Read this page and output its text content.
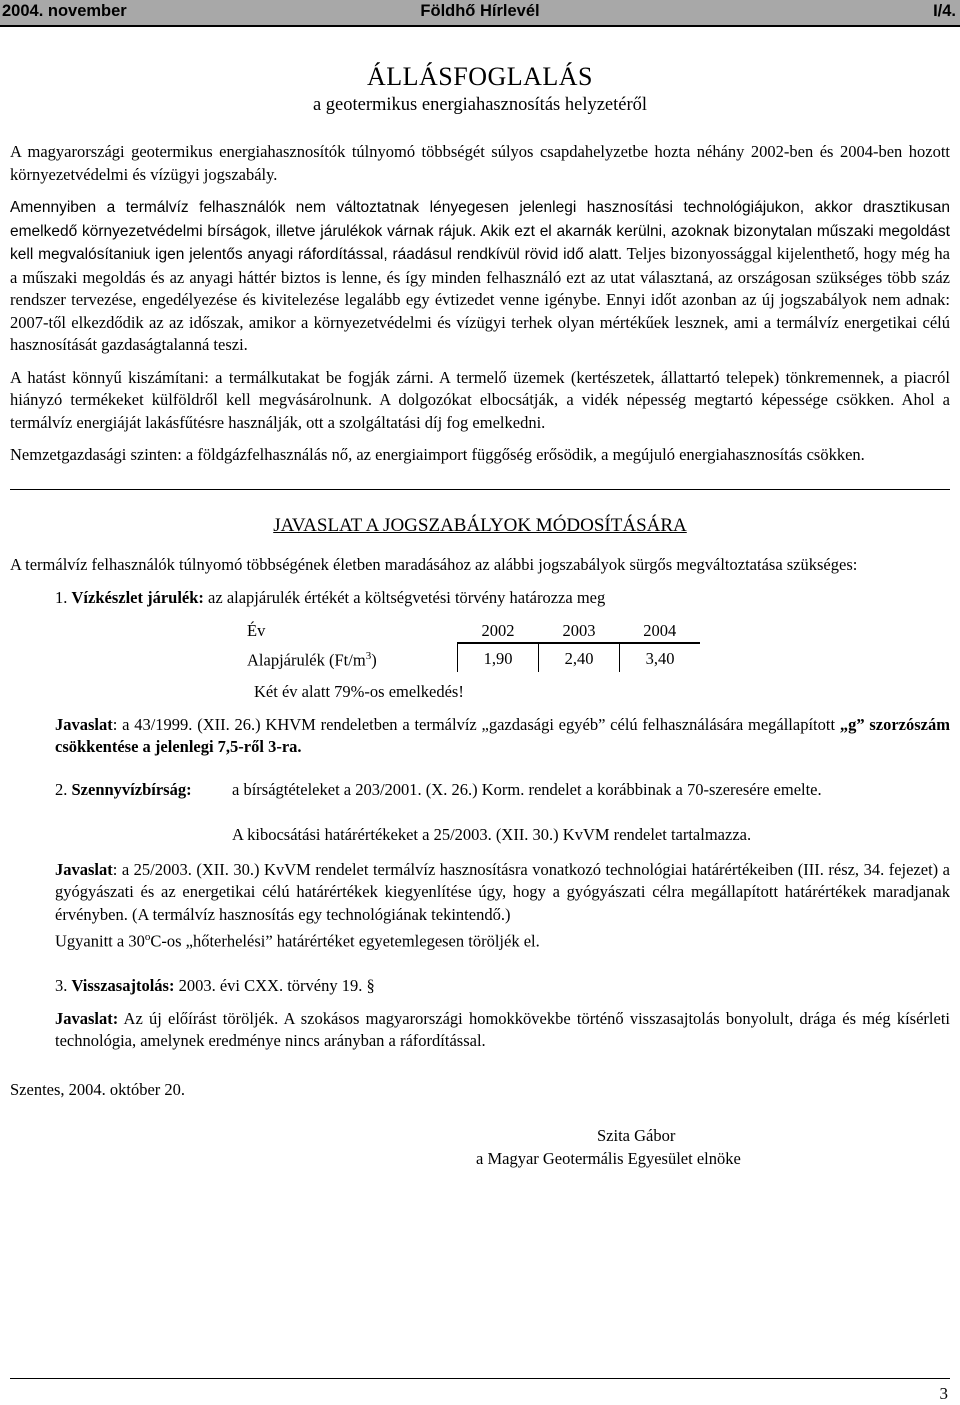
2004. november	Földhő Hírlevél	I/4.

ÁLLÁSFOGLALÁS

a geotermikus energiahasznosítás helyzetéről

A magyarországi geotermikus energiahasznosítók túlnyomó többségét súlyos csapdahelyzetbe hozta néhány 2002-ben és 2004-ben hozott környezetvédelmi és vízügyi jogszabály.

Amennyiben a termálvíz felhasználók nem változtatnak lényegesen jelenlegi hasznosítási technológiájukon, akkor drasztikusan emelkedő környezetvédelmi bírságok, illetve járulékok várnak rájuk. Akik ezt el akarnák kerülni, azoknak bizonytalan műszaki megoldást kell megvalósítaniuk igen jelentős anyagi ráfordítással, ráadásul rendkívül rövid idő alatt. Teljes bizonyossággal kijelenthető, hogy még ha a műszaki megoldás és az anyagi háttér biztos is lenne, és így minden felhasználó ezt az utat választaná, az országosan szükséges több száz rendszer tervezése, engedélyezése és kivitelezése legalább egy évtizedet venne igénybe. Ennyi időt azonban az új jogszabályok nem adnak: 2007-től elkezdődik az az időszak, amikor a környezetvédelmi és vízügyi terhek olyan mértékűek lesznek, ami a termálvíz energetikai célú hasznosítását gazdaságtalanná teszi.

A hatást könnyű kiszámítani: a termálkutakat be fogják zárni. A termelő üzemek (kertészetek, állattartó telepek) tönkremennek, a piacról hiányzó termékeket külföldről kell megvásárolnunk. A dolgozókat elbocsátják, a vidék népesség megtartó képessége csökken. Ahol a termálvíz energiáját lakásfűtésre használják, ott a szolgáltatási díj fog emelkedni.

Nemzetgazdasági szinten: a földgázfelhasználás nő, az energiaimport függőség erősödik, a megújuló energiahasznosítás csökken.

JAVASLAT A JOGSZABÁLYOK MÓDOSÍTÁSÁRA

A termálvíz felhasználók túlnyomó többségének életben maradásához az alábbi jogszabályok sürgős megváltoztatása szükséges:

1. Vízkészlet járulék: az alapjárulék értékét a költségvetési törvény határozza meg

Év	2002	2003	2004
Alapjárulék $(Ft/m^3)$	1,90	2,40	3,40

Két év alatt 79%-os emelkedés!

Javaslat: a 43/1999. (XII. 26.) KHVM rendeletben a termálvíz „gazdasági egyéb” célú felhasználására megállapított „g” szorzószám csökkentése a jelenlegi 7,5-ről 3-ra.

2. Szennyvízbírság:	a bírságtételeket a 203/2001. (X. 26.) Korm. rendelet a korábbinak a 70-szeresére emelte.

A kibocsátási határértékeket a 25/2003. (XII. 30.) KvVM rendelet tartalmazza.

Javaslat: a 25/2003. (XII. 30.) KvVM rendelet termálvíz hasznosításra vonatkozó technológiai határértékeiben (III. rész, 34. fejezet) a gyógyászati és az energetikai célú határértékek kiegyenlítése úgy, hogy a gyógyászati célra megállapított határértékek maradjanak érvényben. (A termálvíz hasznosítás egy technológiának tekintendő.)

Ugyanitt a 30$^o$C-os „hőterhelési” határértéket egyetemlegesen töröljék el.

3. Visszasajtolás: 2003. évi CXX. törvény 19. §

Javaslat: Az új előírást töröljék. A szokásos magyarországi homokkövekbe történő visszasajtolás bonyolult, drága és még kísérleti technológia, amelynek eredménye nincs arányban a ráfordítással.

Szentes, 2004. október 20.

Szita Gábor

a Magyar Geotermális Egyesület elnöke

3
